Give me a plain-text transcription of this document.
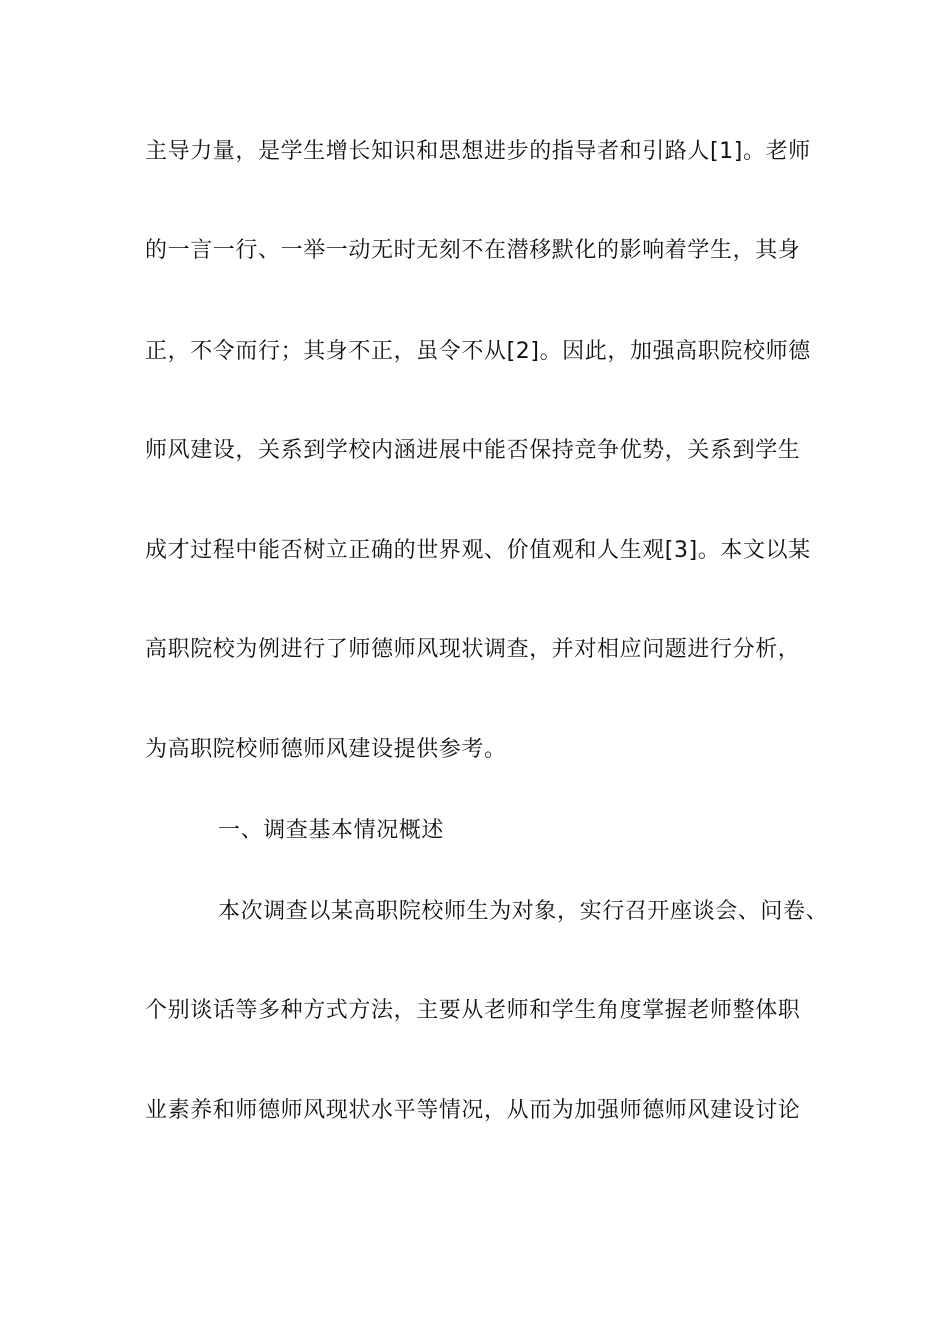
主导力量，是学生增长知识和思想进步的指导者和引路人[1]。老师
的一言一行、一举一动无时无刻不在潜移默化的影响着学生，其身
正，不令而行；其身不正，虽令不从[2]。因此，加强高职院校师德
师风建设，关系到学校内涵进展中能否保持竞争优势，关系到学生
成才过程中能否树立正确的世界观、价值观和人生观[3]。本文以某
高职院校为例进行了师德师风现状调查，并对相应问题进行分析，
为高职院校师德师风建设提供参考。
一、调查基本情况概述
本次调查以某高职院校师生为对象，实行召开座谈会、问卷、
个别谈话等多种方式方法，主要从老师和学生角度掌握老师整体职
业素养和师德师风现状水平等情况，从而为加强师德师风建设讨论
